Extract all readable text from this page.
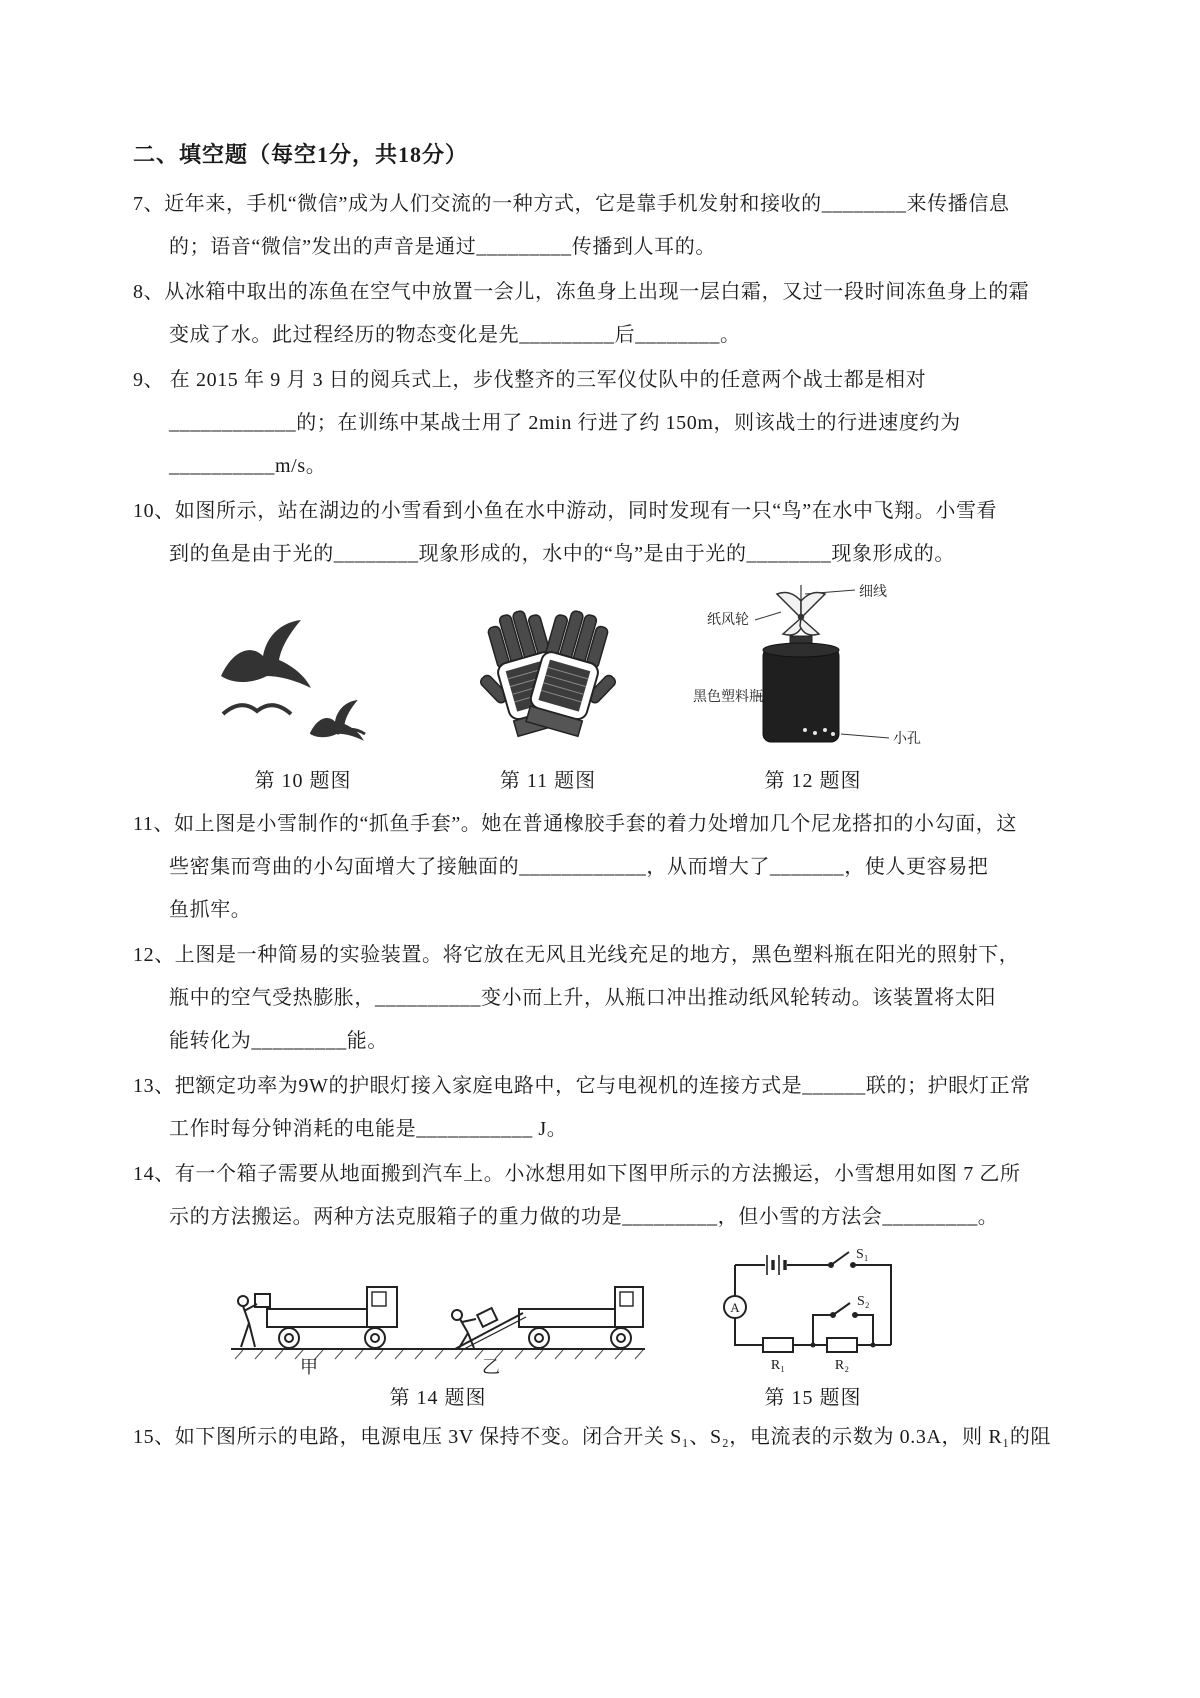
二、填空题（每空1分，共18分）
7、近年来，手机“微信”成为人们交流的一种方式，它是靠手机发射和接收的________来传播信息
的；语音“微信”发出的声音是通过_________传播到人耳的。
8、从冰箱中取出的冻鱼在空气中放置一会儿，冻鱼身上出现一层白霜，又过一段时间冻鱼身上的霜
变成了水。此过程经历的物态变化是先_________后________。
9、 在 2015 年 9 月 3 日的阅兵式上，步伐整齐的三军仪仗队中的任意两个战士都是相对
____________的；在训练中某战士用了 2min 行进了约 150m，则该战士的行进速度约为
__________m/s。
10、如图所示，站在湖边的小雪看到小鱼在水中游动，同时发现有一只“鸟”在水中飞翔。小雪看
到的鱼是由于光的________现象形成的，水中的“鸟”是由于光的________现象形成的。
第 10 题图	第 11 题图
细线
纸风轮
黑色塑料瓶
小孔
第 12 题图
11、如上图是小雪制作的“抓鱼手套”。她在普通橡胶手套的着力处增加几个尼龙搭扣的小勾面，这
些密集而弯曲的小勾面增大了接触面的____________，从而增大了_______，使人更容易把
鱼抓牢。
12、上图是一种简易的实验装置。将它放在无风且光线充足的地方，黑色塑料瓶在阳光的照射下，
瓶中的空气受热膨胀，__________变小而上升，从瓶口冲出推动纸风轮转动。该装置将太阳
能转化为_________能。
13、把额定功率为9W的护眼灯接入家庭电路中，它与电视机的连接方式是______联的；护眼灯正常
工作时每分钟消耗的电能是___________ J。
14、有一个箱子需要从地面搬到汽车上。小冰想用如下图甲所示的方法搬运，小雪想用如图 7 乙所
示的方法搬运。两种方法克服箱子的重力做的功是_________，但小雪的方法会_________。
甲	乙
第 14 题图
S₁
S₂
A
R₁	R₂
第 15 题图
15、如下图所示的电路，电源电压 3V 保持不变。闭合开关 S₁、S₂，电流表的示数为 0.3A，则 R₁的阻
